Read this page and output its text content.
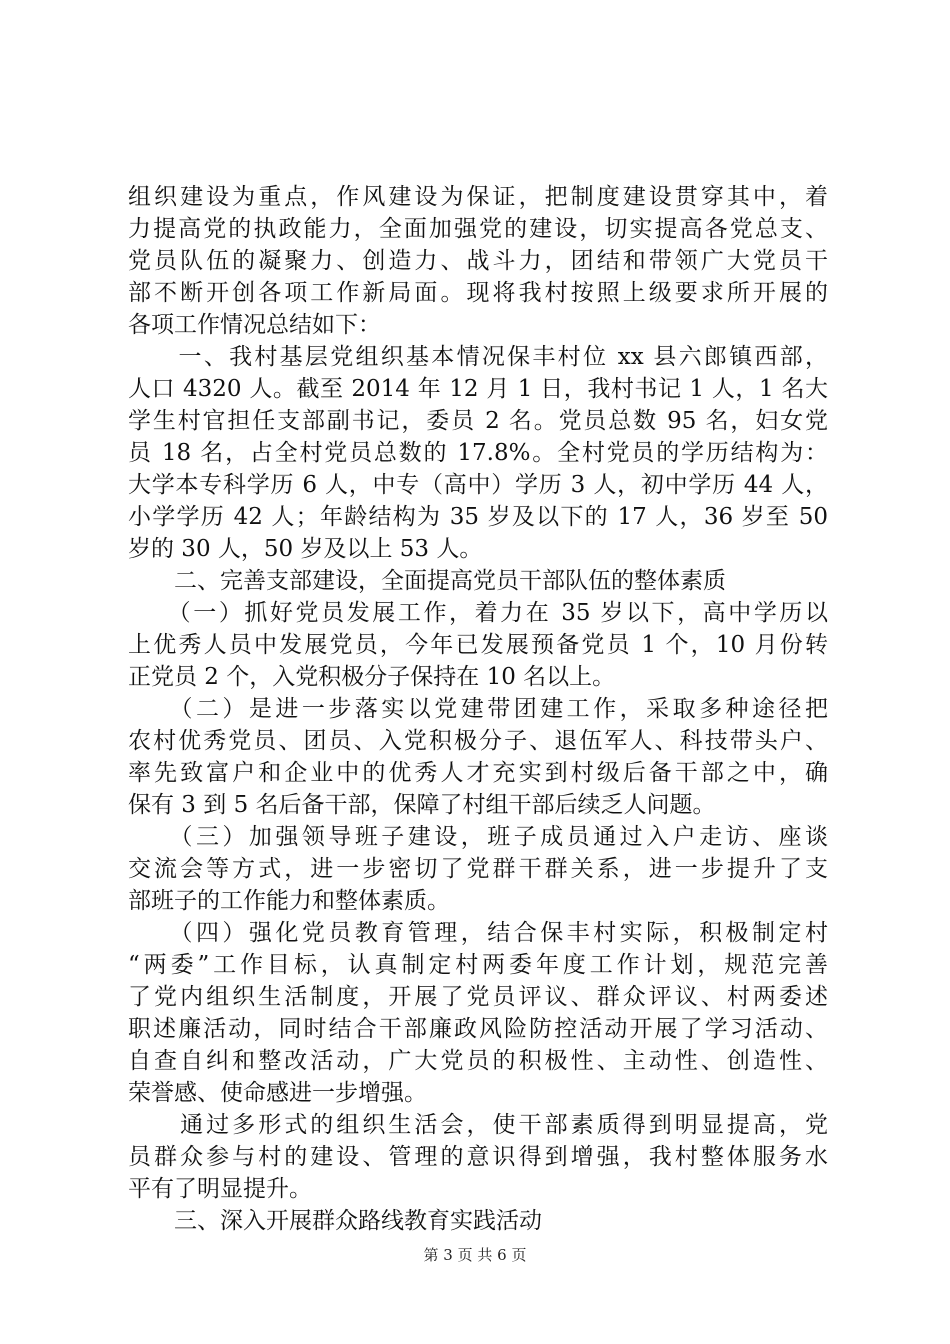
组织建设为重点，作风建设为保证，把制度建设贯穿其中，着
力提高党的执政能力，全面加强党的建设，切实提高各党总支、
党员队伍的凝聚力、创造力、战斗力，团结和带领广大党员干
部不断开创各项工作新局面。现将我村按照上级要求所开展的
各项工作情况总结如下：
　　一、我村基层党组织基本情况保丰村位 xx 县六郎镇西部，
人口 4320 人。截至 2014 年 12 月 1 日，我村书记 1 人，1 名大
学生村官担任支部副书记，委员 2 名。党员总数 95 名，妇女党
员 18 名，占全村党员总数的 17.8%。全村党员的学历结构为：
大学本专科学历 6 人，中专（高中）学历 3 人，初中学历 44 人，
小学学历 42 人；年龄结构为 35 岁及以下的 17 人，36 岁至 50
岁的 30 人，50 岁及以上 53 人。
　　二、完善支部建设，全面提高党员干部队伍的整体素质
　　（一）抓好党员发展工作，着力在 35 岁以下，高中学历以
上优秀人员中发展党员，今年已发展预备党员 1 个，10 月份转
正党员 2 个，入党积极分子保持在 10 名以上。
　　（二）是进一步落实以党建带团建工作，采取多种途径把
农村优秀党员、团员、入党积极分子、退伍军人、科技带头户、
率先致富户和企业中的优秀人才充实到村级后备干部之中，确
保有 3 到 5 名后备干部，保障了村组干部后续乏人问题。
　　（三）加强领导班子建设，班子成员通过入户走访、座谈
交流会等方式，进一步密切了党群干群关系，进一步提升了支
部班子的工作能力和整体素质。
　　（四）强化党员教育管理，结合保丰村实际，积极制定村
“两委”工作目标，认真制定村两委年度工作计划，规范完善
了党内组织生活制度，开展了党员评议、群众评议、村两委述
职述廉活动，同时结合干部廉政风险防控活动开展了学习活动、
自查自纠和整改活动，广大党员的积极性、主动性、创造性、
荣誉感、使命感进一步增强。
　　通过多形式的组织生活会，使干部素质得到明显提高，党
员群众参与村的建设、管理的意识得到增强，我村整体服务水
平有了明显提升。
　　三、深入开展群众路线教育实践活动
第 3 页 共 6 页
